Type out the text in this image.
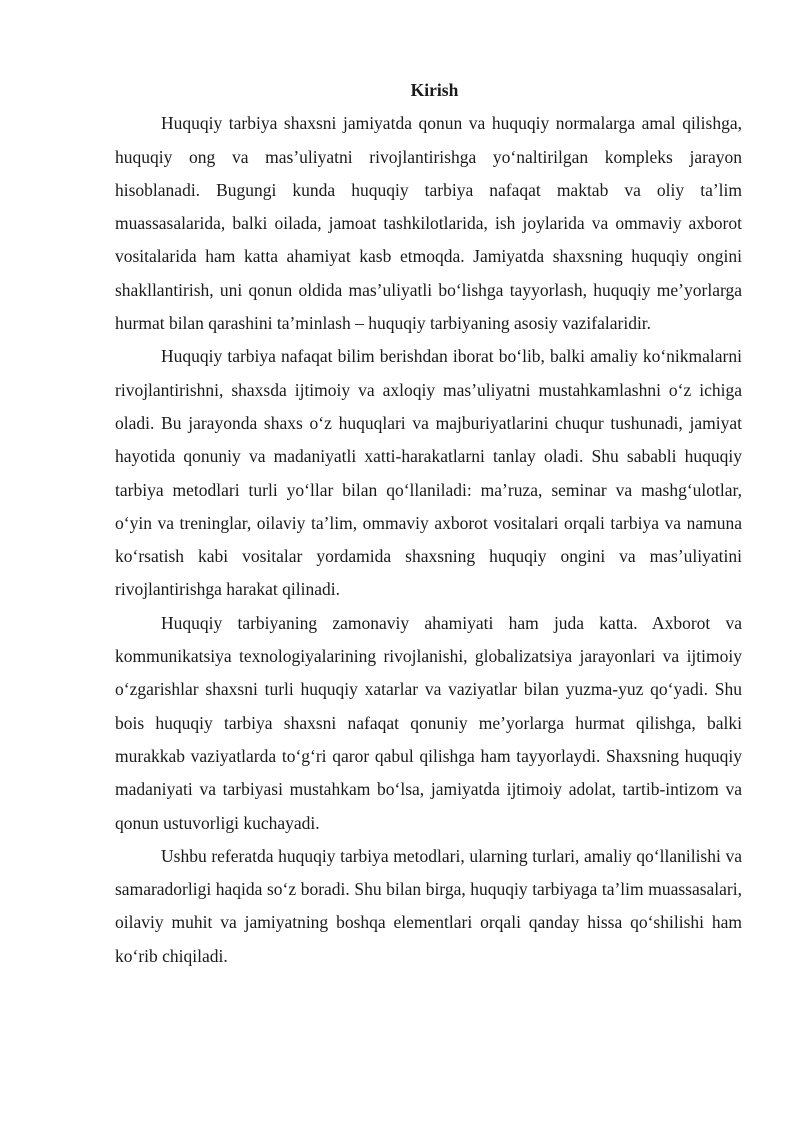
Kirish

Huquqiy tarbiya shaxsni jamiyatda qonun va huquqiy normalarga amal qilishga, huquqiy ong va mas’uliyatni rivojlantirishga yo‘naltirilgan kompleks jarayon hisoblanadi. Bugungi kunda huquqiy tarbiya nafaqat maktab va oliy ta’lim muassasalarida, balki oilada, jamoat tashkilotlarida, ish joylarida va ommaviy axborot vositalarida ham katta ahamiyat kasb etmoqda. Jamiyatda shaxsning huquqiy ongini shakllantirish, uni qonun oldida mas’uliyatli bo‘lishga tayyorlash, huquqiy me’yorlarga hurmat bilan qarashini ta’minlash – huquqiy tarbiyaning asosiy vazifalaridir.

Huquqiy tarbiya nafaqat bilim berishdan iborat bo‘lib, balki amaliy ko‘nikmalarni rivojlantirishni, shaxsda ijtimoiy va axloqiy mas’uliyatni mustahkamlashni o‘z ichiga oladi. Bu jarayonda shaxs o‘z huquqlari va majburiyatlarini chuqur tushunadi, jamiyat hayotida qonuniy va madaniyatli xatti-harakatlarni tanlay oladi. Shu sababli huquqiy tarbiya metodlari turli yo‘llar bilan qo‘llaniladi: ma’ruza, seminar va mashg‘ulotlar, o‘yin va treninglar, oilaviy ta’lim, ommaviy axborot vositalari orqali tarbiya va namuna ko‘rsatish kabi vositalar yordamida shaxsning huquqiy ongini va mas’uliyatini rivojlantirishga harakat qilinadi.

Huquqiy tarbiyaning zamonaviy ahamiyati ham juda katta. Axborot va kommunikatsiya texnologiyalarining rivojlanishi, globalizatsiya jarayonlari va ijtimoiy o‘zgarishlar shaxsni turli huquqiy xatarlar va vaziyatlar bilan yuzma-yuz qo‘yadi. Shu bois huquqiy tarbiya shaxsni nafaqat qonuniy me’yorlarga hurmat qilishga, balki murakkab vaziyatlarda to‘g‘ri qaror qabul qilishga ham tayyorlaydi. Shaxsning huquqiy madaniyati va tarbiyasi mustahkam bo‘lsa, jamiyatda ijtimoiy adolat, tartib-intizom va qonun ustuvorligi kuchayadi.

Ushbu referatda huquqiy tarbiya metodlari, ularning turlari, amaliy qo‘llanilishi va samaradorligi haqida so‘z boradi. Shu bilan birga, huquqiy tarbiyaga ta’lim muassasalari, oilaviy muhit va jamiyatning boshqa elementlari orqali qanday hissa qo‘shilishi ham ko‘rib chiqiladi.
